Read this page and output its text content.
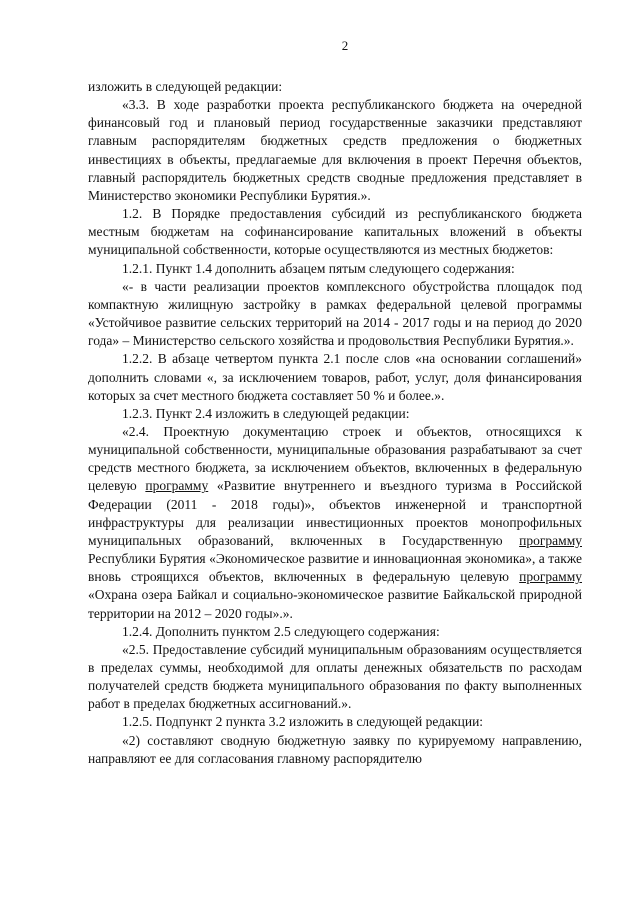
2

изложить в следующей редакции:

«3.3. В ходе разработки проекта республиканского бюджета на очередной финансовый год и плановый период государственные заказчики представляют главным распорядителям бюджетных средств предложения о бюджетных инвестициях в объекты, предлагаемые для включения в проект Перечня объектов, главный распорядитель бюджетных средств сводные предложения представляет в Министерство экономики Республики Бурятия.».

1.2. В Порядке предоставления субсидий из республиканского бюджета местным бюджетам на софинансирование капитальных вложений в объекты муниципальной собственности, которые осуществляются из местных бюджетов:

1.2.1. Пункт 1.4 дополнить абзацем пятым следующего содержания:

«- в части реализации проектов комплексного обустройства площадок под компактную жилищную застройку в рамках федеральной целевой программы «Устойчивое развитие сельских территорий на 2014 - 2017 годы и на период до 2020 года» – Министерство сельского хозяйства и продовольствия Республики Бурятия.».

1.2.2. В абзаце четвертом пункта 2.1 после слов «на основании соглашений» дополнить словами «, за исключением товаров, работ, услуг, доля финансирования которых за счет местного бюджета составляет 50 % и более.».

1.2.3. Пункт 2.4 изложить в следующей редакции:

«2.4. Проектную документацию строек и объектов, относящихся к муниципальной собственности, муниципальные образования разрабатывают за счет средств местного бюджета, за исключением объектов, включенных в федеральную целевую программу «Развитие внутреннего и въездного туризма в Российской Федерации (2011 - 2018 годы)», объектов инженерной и транспортной инфраструктуры для реализации инвестиционных проектов монопрофильных муниципальных образований, включенных в Государственную программу Республики Бурятия «Экономическое развитие и инновационная экономика», а также вновь строящихся объектов, включенных в федеральную целевую программу «Охрана озера Байкал и социально-экономическое развитие Байкальской природной территории на 2012 – 2020 годы».».

1.2.4. Дополнить пунктом 2.5 следующего содержания:

«2.5. Предоставление субсидий муниципальным образованиям осуществляется в пределах суммы, необходимой для оплаты денежных обязательств по расходам получателей средств бюджета муниципального образования по факту выполненных работ в пределах бюджетных ассигнований.».

1.2.5. Подпункт 2 пункта 3.2 изложить в следующей редакции:

«2) составляют сводную бюджетную заявку по курируемому направлению, направляют ее для согласования главному распорядителю
